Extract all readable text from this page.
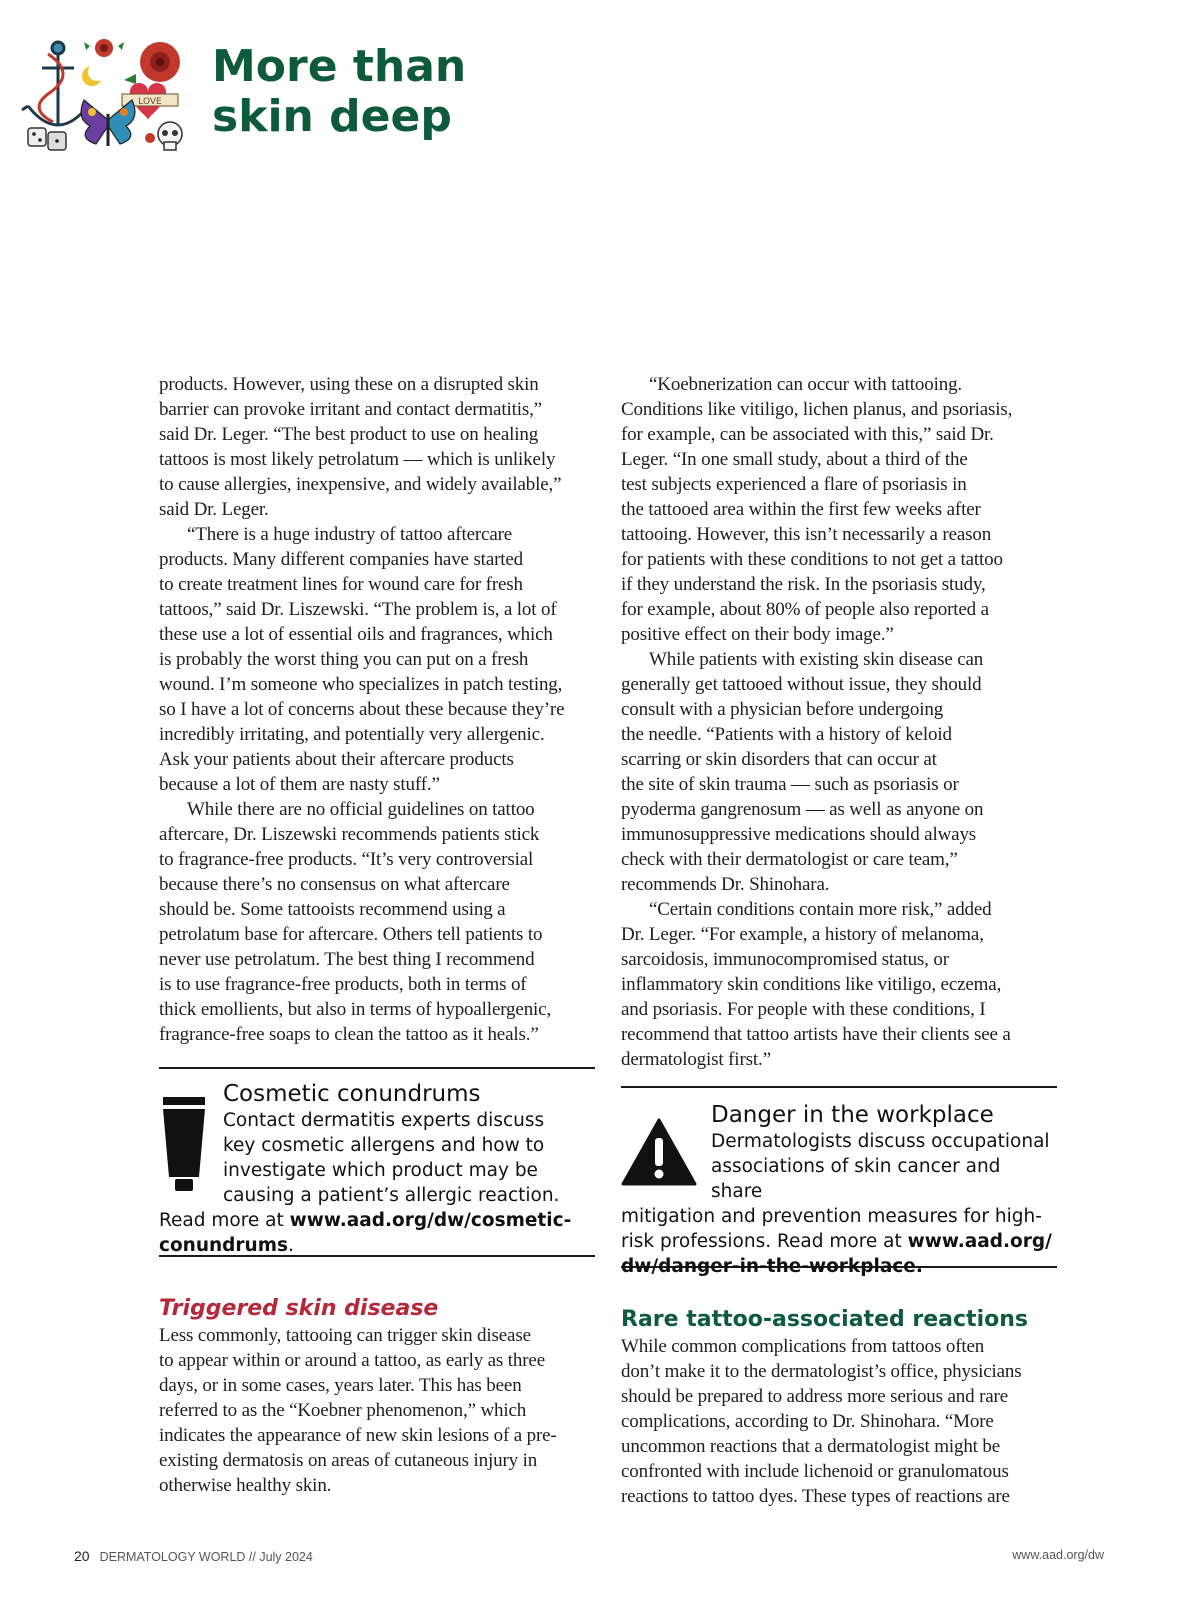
LOVE
More than
skin deep

products. However, using these on a disrupted skin
barrier can provoke irritant and contact dermatitis,”
said Dr. Leger. “The best product to use on healing
tattoos is most likely petrolatum — which is unlikely
to cause allergies, inexpensive, and widely available,”
said Dr. Leger.

“There is a huge industry of tattoo aftercare
products. Many different companies have started
to create treatment lines for wound care for fresh
tattoos,” said Dr. Liszewski. “The problem is, a lot of
these use a lot of essential oils and fragrances, which
is probably the worst thing you can put on a fresh
wound. I’m someone who specializes in patch testing,
so I have a lot of concerns about these because they’re
incredibly irritating, and potentially very allergenic.
Ask your patients about their aftercare products
because a lot of them are nasty stuff.”

While there are no official guidelines on tattoo
aftercare, Dr. Liszewski recommends patients stick
to fragrance-free products. “It’s very controversial
because there’s no consensus on what aftercare
should be. Some tattooists recommend using a
petrolatum base for aftercare. Others tell patients to
never use petrolatum. The best thing I recommend
is to use fragrance-free products, both in terms of
thick emollients, but also in terms of hypoallergenic,
fragrance-free soaps to clean the tattoo as it heals.”

Cosmetic conundrums

Contact dermatitis experts discuss
key cosmetic allergens and how to
investigate which product may be
causing a patient’s allergic reaction.
Read more at www.aad.org/dw/cosmetic-
conundrums.

Triggered skin disease

Less commonly, tattooing can trigger skin disease
to appear within or around a tattoo, as early as three
days, or in some cases, years later. This has been
referred to as the “Koebner phenomenon,” which
indicates the appearance of new skin lesions of a pre-
existing dermatosis on areas of cutaneous injury in
otherwise healthy skin.

“Koebnerization can occur with tattooing.
Conditions like vitiligo, lichen planus, and psoriasis,
for example, can be associated with this,” said Dr.
Leger. “In one small study, about a third of the
test subjects experienced a flare of psoriasis in
the tattooed area within the first few weeks after
tattooing. However, this isn’t necessarily a reason
for patients with these conditions to not get a tattoo
if they understand the risk. In the psoriasis study,
for example, about 80% of people also reported a
positive effect on their body image.”

While patients with existing skin disease can
generally get tattooed without issue, they should
consult with a physician before undergoing
the needle. “Patients with a history of keloid
scarring or skin disorders that can occur at
the site of skin trauma — such as psoriasis or
pyoderma gangrenosum — as well as anyone on
immunosuppressive medications should always
check with their dermatologist or care team,”
recommends Dr. Shinohara.

“Certain conditions contain more risk,” added
Dr. Leger. “For example, a history of melanoma,
sarcoidosis, immunocompromised status, or
inflammatory skin conditions like vitiligo, eczema,
and psoriasis. For people with these conditions, I
recommend that tattoo artists have their clients see a
dermatologist first.”

Danger in the workplace

Dermatologists discuss occupational
associations of skin cancer and share
mitigation and prevention measures for high-
risk professions. Read more at www.aad.org/
dw/danger-in-the-workplace.

Rare tattoo-associated reactions

While common complications from tattoos often
don’t make it to the dermatologist’s office, physicians
should be prepared to address more serious and rare
complications, according to Dr. Shinohara. “More
uncommon reactions that a dermatologist might be
confronted with include lichenoid or granulomatous
reactions to tattoo dyes. These types of reactions are

20 DERMATOLOGY WORLD // July 2024	www.aad.org/dw
